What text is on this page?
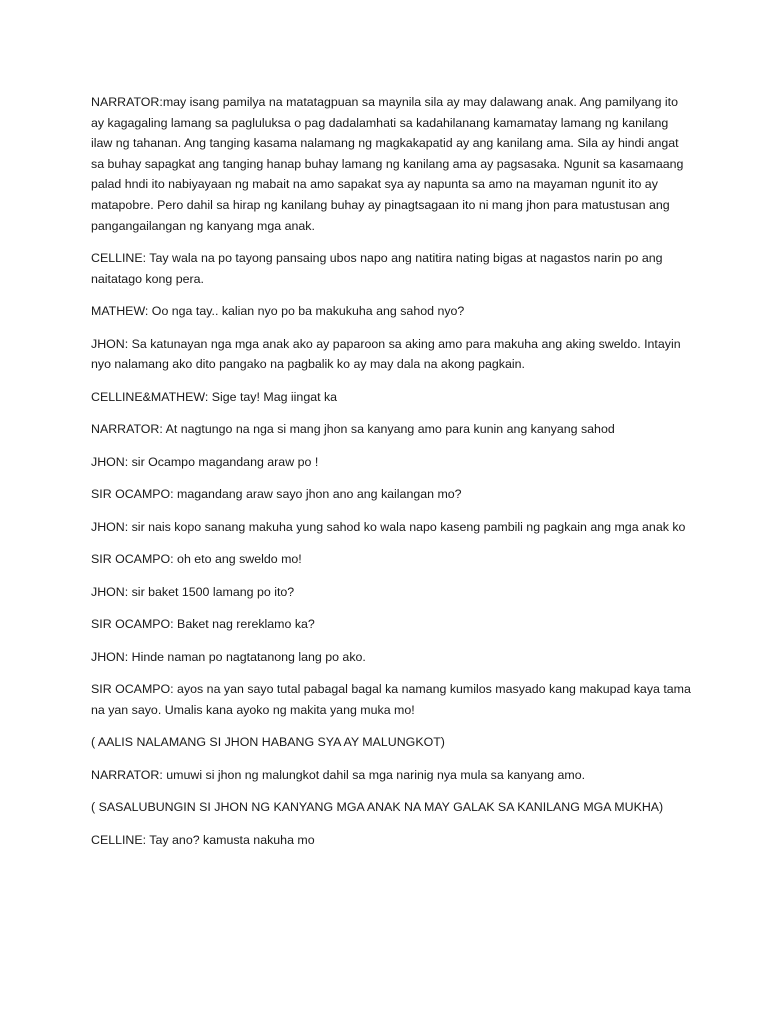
NARRATOR:may isang pamilya na matatagpuan sa maynila sila ay may dalawang anak. Ang pamilyang ito ay kagagaling lamang sa pagluluksa o pag dadalamhati sa kadahilanang kamamatay lamang ng kanilang ilaw ng tahanan. Ang tanging kasama nalamang ng magkakapatid ay ang kanilang ama. Sila ay hindi angat sa buhay sapagkat ang tanging hanap buhay lamang ng kanilang ama ay pagsasaka. Ngunit sa kasamaang palad hndi ito nabiyayaan ng mabait na amo sapakat sya ay napunta sa amo na mayaman ngunit ito ay matapobre. Pero dahil sa hirap ng kanilang buhay ay pinagtsagaan ito ni mang jhon para matustusan ang pangangailangan ng kanyang mga anak.

CELLINE: Tay wala na po tayong pansaing ubos napo ang natitira nating bigas at nagastos narin po ang naitatago kong pera.

MATHEW: Oo nga tay.. kalian nyo po ba makukuha ang sahod nyo?

JHON: Sa katunayan nga mga anak ako ay paparoon sa aking amo para makuha ang aking sweldo. Intayin nyo nalamang ako dito pangako na pagbalik ko ay may dala na akong pagkain.

CELLINE&MATHEW: Sige tay! Mag iingat ka

NARRATOR: At nagtungo na nga si mang jhon sa kanyang amo para kunin ang kanyang sahod

JHON: sir Ocampo magandang araw po !

SIR OCAMPO: magandang araw sayo jhon ano ang kailangan mo?

JHON: sir nais kopo sanang makuha yung sahod ko wala napo kaseng pambili ng pagkain ang mga anak ko

SIR OCAMPO: oh eto ang sweldo mo!

JHON: sir baket 1500 lamang po ito?

SIR OCAMPO: Baket nag rereklamo ka?

JHON: Hinde naman po nagtatanong lang po ako.

SIR OCAMPO: ayos na yan sayo tutal pabagal bagal ka namang kumilos masyado kang makupad kaya tama na yan sayo. Umalis kana ayoko ng makita yang muka mo!

( AALIS NALAMANG SI JHON HABANG SYA AY MALUNGKOT)

NARRATOR: umuwi si jhon ng malungkot dahil sa mga narinig nya mula sa kanyang amo.

( SASALUBUNGIN SI JHON NG KANYANG MGA ANAK NA MAY GALAK SA KANILANG MGA MUKHA)

CELLINE: Tay ano? kamusta nakuha mo
